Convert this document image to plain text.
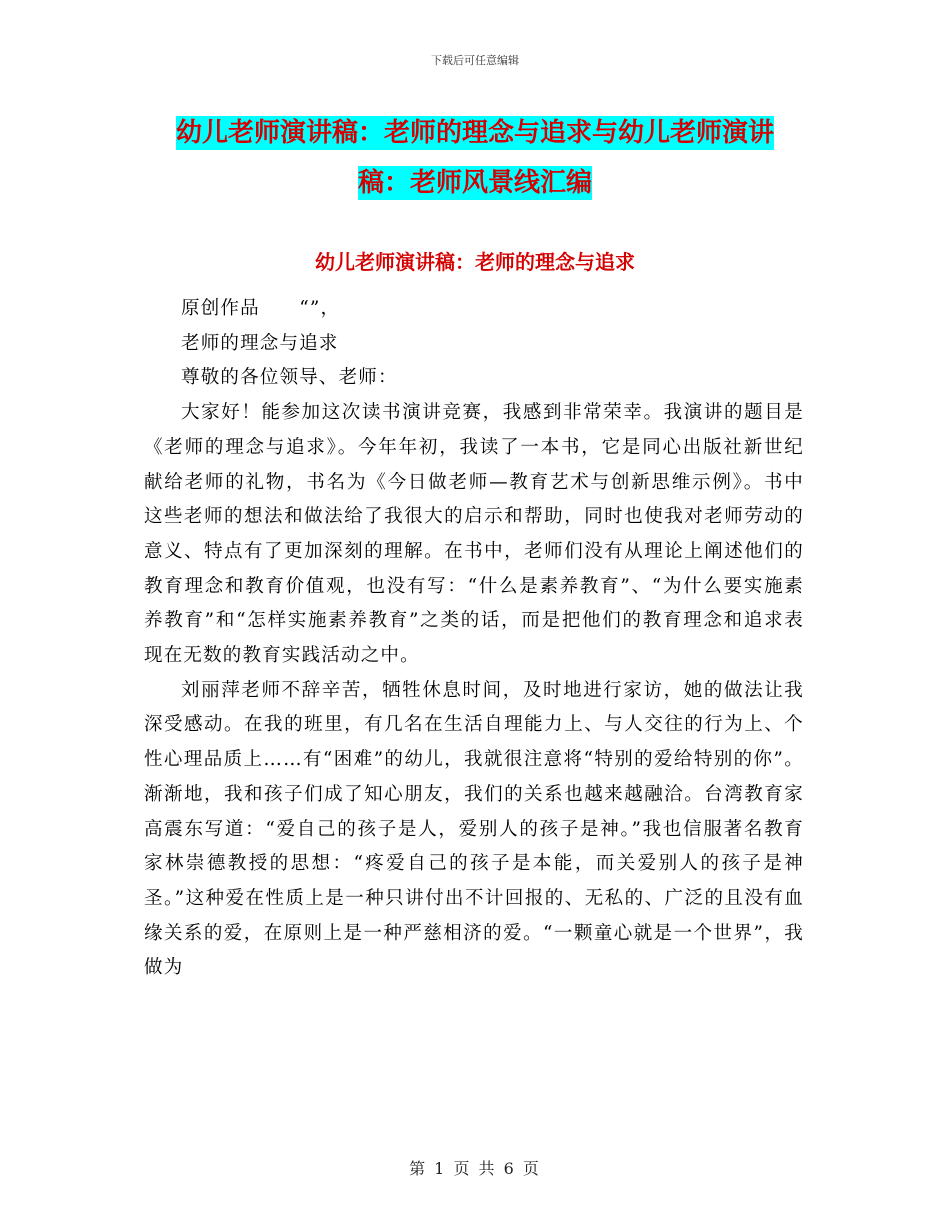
下载后可任意编辑
幼儿老师演讲稿：老师的理念与追求与幼儿老师演讲
稿：老师风景线汇编
幼儿老师演讲稿：老师的理念与追求

原创作品　　“”，

老师的理念与追求

尊敬的各位领导、老师：

大家好！能参加这次读书演讲竞赛，我感到非常荣幸。我演讲的题目是《老师的理念与追求》。今年年初，我读了一本书，它是同心出版社新世纪献给老师的礼物，书名为《今日做老师—教育艺术与创新思维示例》。书中这些老师的想法和做法给了我很大的启示和帮助，同时也使我对老师劳动的意义、特点有了更加深刻的理解。在书中，老师们没有从理论上阐述他们的教育理念和教育价值观，也没有写：“什么是素养教育”、“为什么要实施素养教育”和“怎样实施素养教育”之类的话，而是把他们的教育理念和追求表现在无数的教育实践活动之中。

刘丽萍老师不辞辛苦，牺牲休息时间，及时地进行家访，她的做法让我深受感动。在我的班里，有几名在生活自理能力上、与人交往的行为上、个性心理品质上……有“困难”的幼儿，我就很注意将“特别的爱给特别的你”。渐渐地，我和孩子们成了知心朋友，我们的关系也越来越融洽。台湾教育家高震东写道：“爱自己的孩子是人，爱别人的孩子是神。”我也信服著名教育家林崇德教授的思想：“疼爱自己的孩子是本能，而关爱别人的孩子是神圣。”这种爱在性质上是一种只讲付出不计回报的、无私的、广泛的且没有血缘关系的爱，在原则上是一种严慈相济的爱。“一颗童心就是一个世界”，我做为

第 1 页 共 6 页
